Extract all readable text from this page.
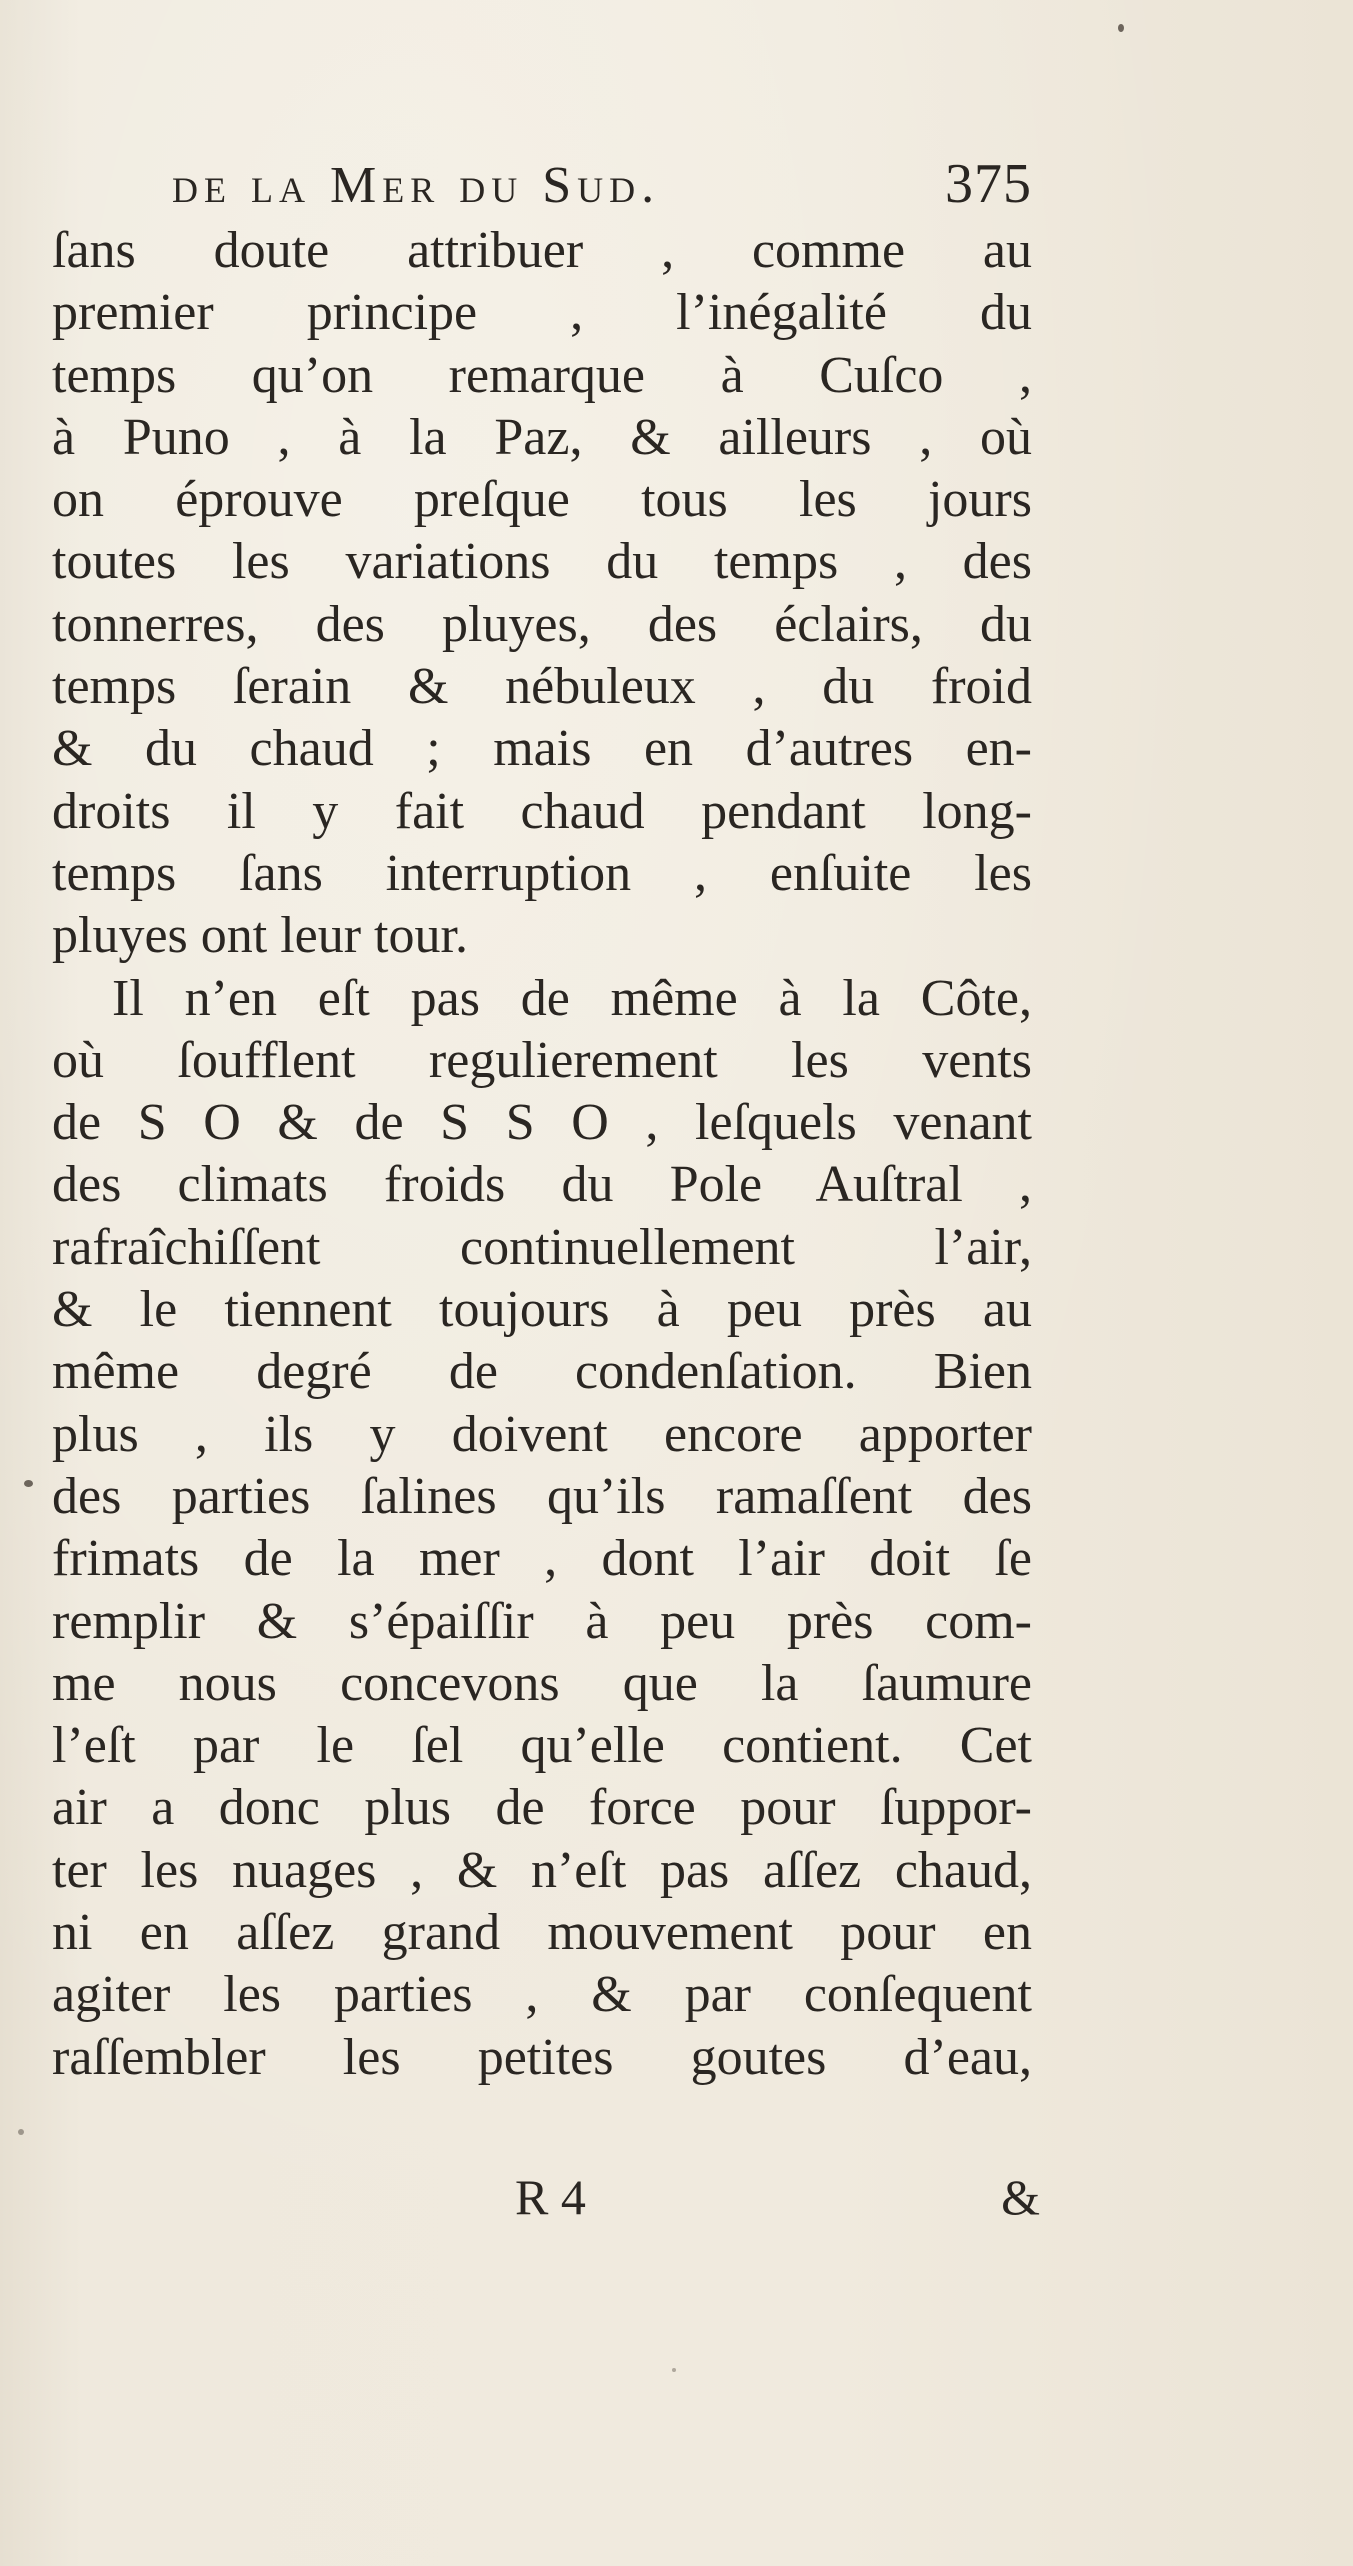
de la Mer du Sud.	375
ſans doute attribuer , comme au
premier principe , l’inégalité du
temps qu’on remarque à Cuſco ,
à Puno , à la Paz, & ailleurs , où
on éprouve preſque tous les jours
toutes les variations du temps , des
tonnerres, des pluyes, des éclairs, du
temps ſerain & nébuleux , du froid
& du chaud ; mais en d’autres en-
droits il y fait chaud pendant long-
temps ſans interruption , enſuite les
pluyes ont leur tour.
Il n’en eſt pas de même à la Côte,
où ſoufflent regulierement les vents
de S O & de S S O , leſquels venant
des climats froids du Pole Auſtral ,
rafraîchiſſent continuellement l’air,
& le tiennent toujours à peu près au
même degré de condenſation. Bien
plus , ils y doivent encore apporter
des parties ſalines qu’ils ramaſſent des
frimats de la mer , dont l’air doit ſe
remplir & s’épaiſſir à peu près com-
me nous concevons que la ſaumure
l’eſt par le ſel qu’elle contient. Cet
air a donc plus de force pour ſuppor-
ter les nuages , & n’eſt pas aſſez chaud,
ni en aſſez grand mouvement pour en
agiter les parties , & par conſequent
raſſembler les petites goutes d’eau,
R 4	&
